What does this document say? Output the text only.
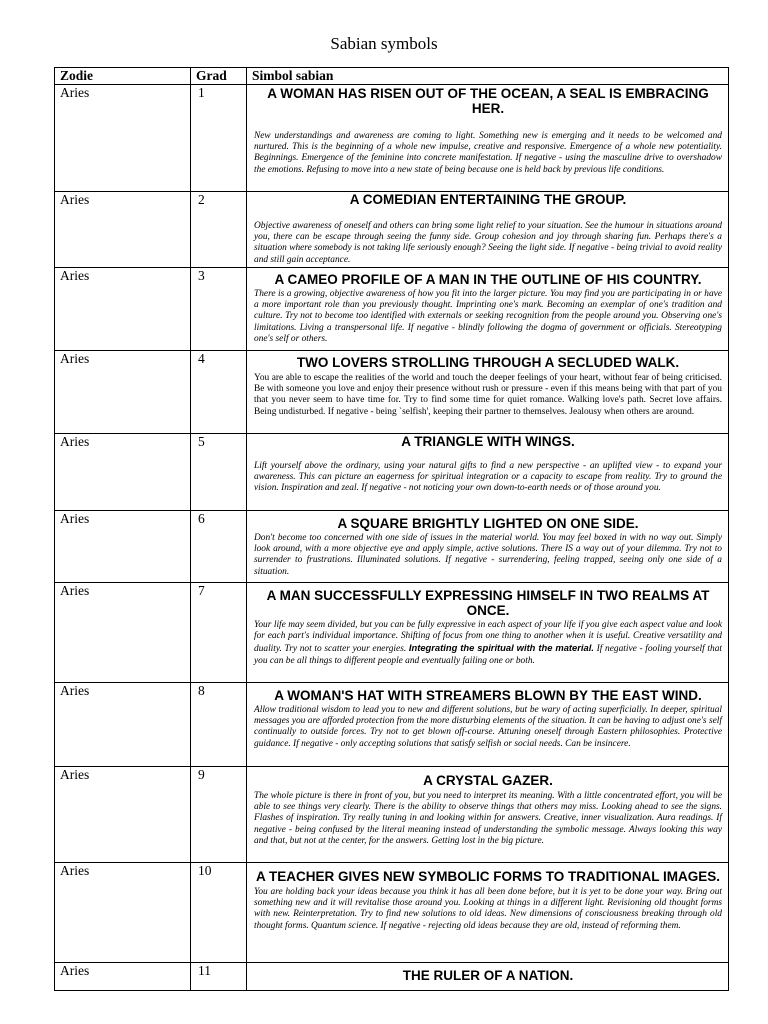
Sabian symbols
Zodie	Grad	Simbol sabian
Aries	1	A WOMAN HAS RISEN OUT OF THE OCEAN, A SEAL IS EMBRACING HER.
New understandings and awareness are coming to light. Something new is emerging and it needs to be welcomed and nurtured. This is the beginning of a whole new impulse, creative and responsive. Emergence of a whole new potentiality. Beginnings. Emergence of the feminine into concrete manifestation. If negative - using the masculine drive to overshadow the emotions. Refusing to move into a new state of being because one is held back by previous life conditions.

Aries	2	A COMEDIAN ENTERTAINING THE GROUP.
Objective awareness of oneself and others can bring some light relief to your situation. See the humour in situations around you, there can be escape through seeing the funny side. Group cohesion and joy through sharing fun. Perhaps there's a situation where somebody is not taking life seriously enough? Seeing the light side. If negative - being trivial to avoid reality and still gain acceptance.

Aries	3	A CAMEO PROFILE OF A MAN IN THE OUTLINE OF HIS COUNTRY.
There is a growing, objective awareness of how you fit into the larger picture. You may find you are participating in or have a more important role than you previously thought. Imprinting one's mark. Becoming an exemplar of one's tradition and culture. Try not to become too identified with externals or seeking recognition from the people around you. Observing one's limitations. Living a transpersonal life. If negative - blindly following the dogma of government or officials. Stereotyping one's self or others.

Aries	4	TWO LOVERS STROLLING THROUGH A SECLUDED WALK.
You are able to escape the realities of the world and touch the deeper feelings of your heart, without fear of being criticised. Be with someone you love and enjoy their presence without rush or pressure - even if this means being with that part of you that you never seem to have time for. Try to find some time for quiet romance. Walking love's path. Secret love affairs. Being undisturbed. If negative - being `selfish', keeping their partner to themselves. Jealousy when others are around.

Aries	5	A TRIANGLE WITH WINGS.
Lift yourself above the ordinary, using your natural gifts to find a new perspective - an uplifted view - to expand your awareness. This can picture an eagerness for spiritual integration or a capacity to escape from reality. Try to ground the vision. Inspiration and zeal. If negative - not noticing your own down-to-earth needs or of those around you.

Aries	6	A SQUARE BRIGHTLY LIGHTED ON ONE SIDE.
Don't become too concerned with one side of issues in the material world. You may feel boxed in with no way out. Simply look around, with a more objective eye and apply simple, active solutions. There IS a way out of your dilemma. Try not to surrender to frustrations. Illuminated solutions. If negative - surrendering, feeling trapped, seeing only one side of a situation.

Aries	7	A MAN SUCCESSFULLY EXPRESSING HIMSELF IN TWO REALMS AT ONCE.
Your life may seem divided, but you can be fully expressive in each aspect of your life if you give each aspect value and look for each part's individual importance. Shifting of focus from one thing to another when it is useful. Creative versatility and duality. Try not to scatter your energies. Integrating the spiritual with the material. If negative - fooling yourself that you can be all things to different people and eventually failing one or both.

Aries	8	A WOMAN'S HAT WITH STREAMERS BLOWN BY THE EAST WIND.
Allow traditional wisdom to lead you to new and different solutions, but be wary of acting superficially. In deeper, spiritual messages you are afforded protection from the more disturbing elements of the situation. It can be having to adjust one's self continually to outside forces. Try not to get blown off-course. Attuning oneself through Eastern philosophies. Protective guidance. If negative - only accepting solutions that satisfy selfish or social needs. Can be insincere.

Aries	9	A CRYSTAL GAZER.
The whole picture is there in front of you, but you need to interpret its meaning. With a little concentrated effort, you will be able to see things very clearly. There is the ability to observe things that others may miss. Looking ahead to see the signs. Flashes of inspiration. Try really tuning in and looking within for answers. Creative, inner visualization. Aura readings. If negative - being confused by the literal meaning instead of understanding the symbolic message. Always looking this way and that, but not at the center, for the answers. Getting lost in the big picture.

Aries	10	A TEACHER GIVES NEW SYMBOLIC FORMS TO TRADITIONAL IMAGES.
You are holding back your ideas because you think it has all been done before, but it is yet to be done your way. Bring out something new and it will revitalise those around you. Looking at things in a different light. Revisioning old thought forms with new. Reinterpretation. Try to find new solutions to old ideas. New dimensions of consciousness breaking through old thought forms. Quantum science. If negative - rejecting old ideas because they are old, instead of reforming them.

Aries	11	THE RULER OF A NATION.
